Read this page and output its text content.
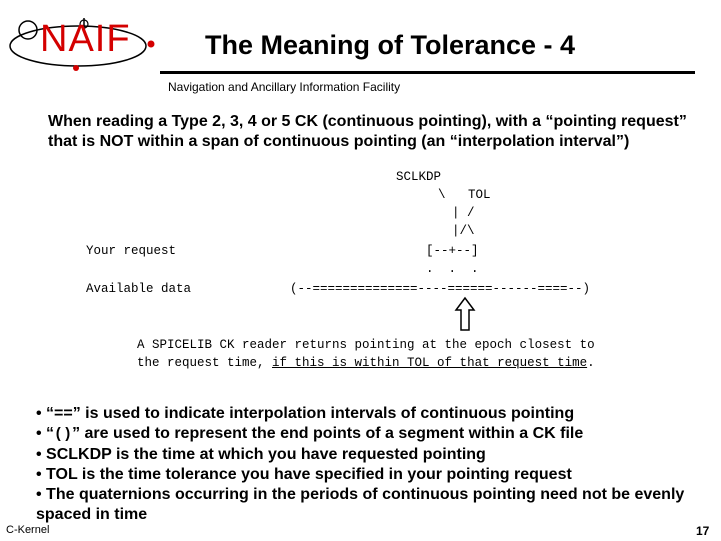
NAIF	The Meaning of Tolerance - 4
Navigation and Ancillary Information Facility
When reading a Type 2, 3, 4 or 5 CK (continuous pointing), with a “pointing request” that is NOT within a span of continuous pointing (an “interpolation interval”)
SCLKDP
\   TOL
| /
|/\
Your request	[--+--]
.  .  .
Available data	(--==============----======------====--)
A SPICELIB CK reader returns pointing at the epoch closest to
the request time, if this is within TOL of that request time.
• “==” is used to indicate interpolation intervals of continuous pointing
• “()” are used to represent the end points of a segment within a CK file
• SCLKDP is the time at which you have requested pointing
• TOL is the time tolerance you have specified in your pointing request
• The quaternions occurring in the periods of continuous pointing need not be evenly spaced in time
C-Kernel	17
